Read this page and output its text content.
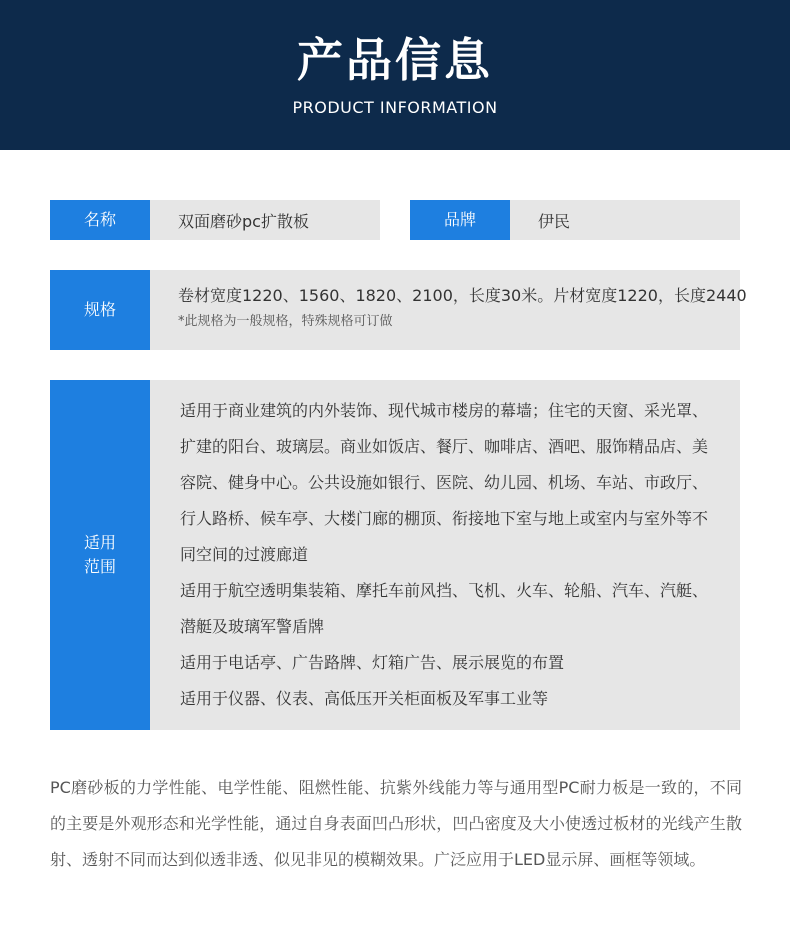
产品信息
PRODUCT INFORMATION
名称	双面磨砂pc扩散板	品牌	伊民
规格
卷材宽度1220、1560、1820、2100，长度30米。片材宽度1220，长度2440
*此规格为一般规格，特殊规格可订做
适用范围
适用于商业建筑的内外装饰、现代城市楼房的幕墙；住宅的天窗、采光罩、扩建的阳台、玻璃层。商业如饭店、餐厅、咖啡店、酒吧、服饰精品店、美容院、健身中心。公共设施如银行、医院、幼儿园、机场、车站、市政厅、行人路桥、候车亭、大楼门廊的棚顶、衔接地下室与地上或室内与室外等不同空间的过渡廊道
适用于航空透明集装箱、摩托车前风挡、飞机、火车、轮船、汽车、汽艇、潜艇及玻璃军警盾牌
适用于电话亭、广告路牌、灯箱广告、展示展览的布置
适用于仪器、仪表、高低压开关柜面板及军事工业等
PC磨砂板的力学性能、电学性能、阻燃性能、抗紫外线能力等与通用型PC耐力板是一致的，不同的主要是外观形态和光学性能，通过自身表面凹凸形状，凹凸密度及大小使透过板材的光线产生散射、透射不同而达到似透非透、似见非见的模糊效果。广泛应用于LED显示屏、画框等领域。
